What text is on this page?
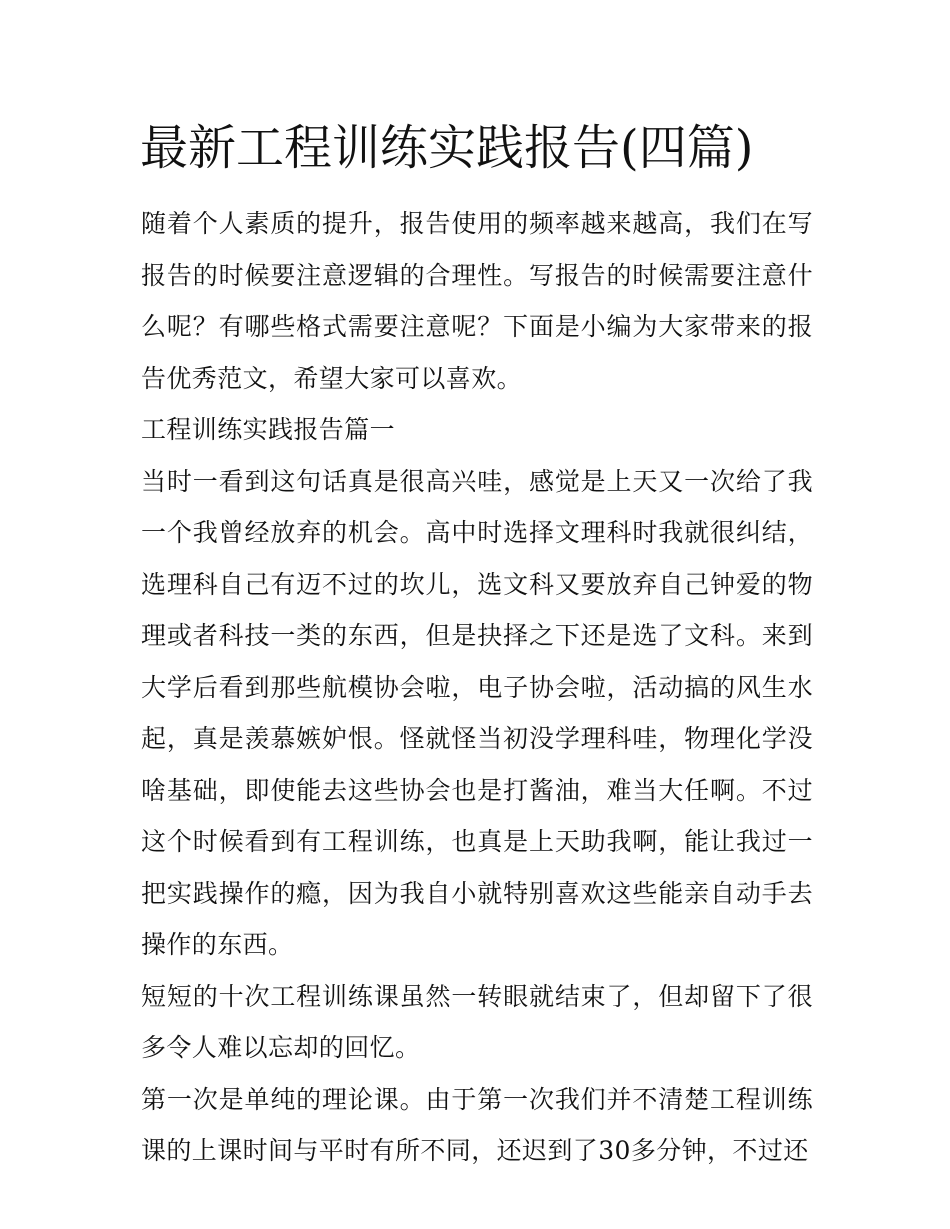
最新工程训练实践报告(四篇)

随着个人素质的提升，报告使用的频率越来越高，我们在写报告的时候要注意逻辑的合理性。写报告的时候需要注意什么呢？有哪些格式需要注意呢？下面是小编为大家带来的报告优秀范文，希望大家可以喜欢。

工程训练实践报告篇一

当时一看到这句话真是很高兴哇，感觉是上天又一次给了我一个我曾经放弃的机会。高中时选择文理科时我就很纠结，选理科自己有迈不过的坎儿，选文科又要放弃自己钟爱的物理或者科技一类的东西，但是抉择之下还是选了文科。来到大学后看到那些航模协会啦，电子协会啦，活动搞的风生水起，真是羡慕嫉妒恨。怪就怪当初没学理科哇，物理化学没啥基础，即使能去这些协会也是打酱油，难当大任啊。不过这个时候看到有工程训练，也真是上天助我啊，能让我过一把实践操作的瘾，因为我自小就特别喜欢这些能亲自动手去操作的东西。

短短的十次工程训练课虽然一转眼就结束了，但却留下了很多令人难以忘却的回忆。

第一次是单纯的理论课。由于第一次我们并不清楚工程训练课的上课时间与平时有所不同，还迟到了30多分钟，不过还
